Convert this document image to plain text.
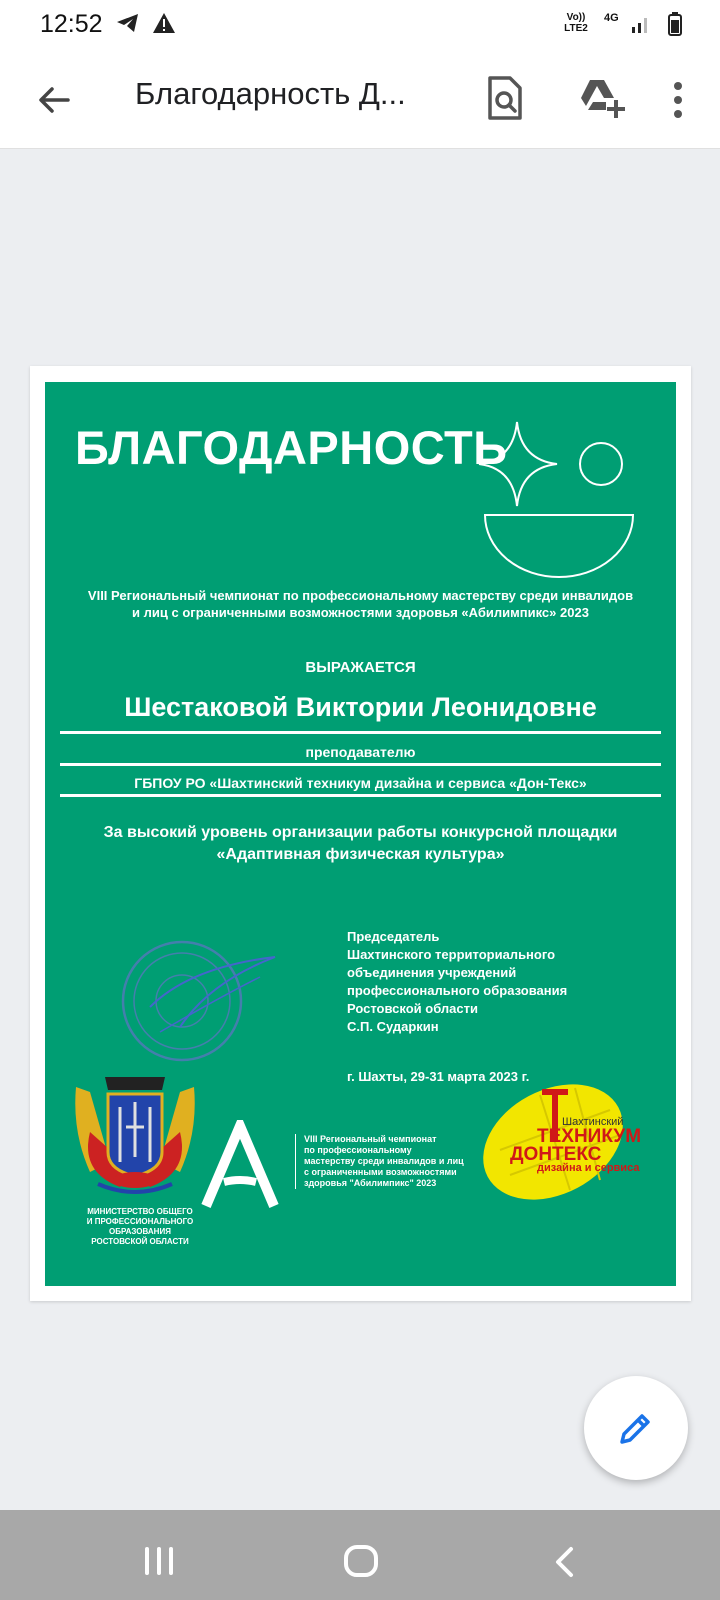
12:52
	Vo))
LTE2
4G
Благодарность Д...
БЛАГОДАРНОСТЬ
VIII Региональный чемпионат по профессиональному мастерству среди инвалидов
и лиц с ограниченными возможностями здоровья «Абилимпикс» 2023
ВЫРАЖАЕТСЯ
Шестаковой Виктории Леонидовне
преподавателю
ГБПОУ РО «Шахтинский техникум дизайна и сервиса «Дон-Текс»
За высокий уровень организации работы конкурсной площадки
«Адаптивная физическая культура»
Председатель
Шахтинского территориального
объединения учреждений
профессионального образования
Ростовской области
С.П. Сударкин
г. Шахты, 29-31 марта 2023 г.
МИНИСТЕРСТВО ОБЩЕГО
И ПРОФЕССИОНАЛЬНОГО
ОБРАЗОВАНИЯ
РОСТОВСКОЙ ОБЛАСТИ
VIII Региональный чемпионат
по профессиональному
мастерству среди инвалидов и лиц
с ограниченными возможностями
здоровья "Абилимпикс" 2023
Шахтинский
ТЕХНИКУМ
ДОНТЕКС
дизайна и сервиса
